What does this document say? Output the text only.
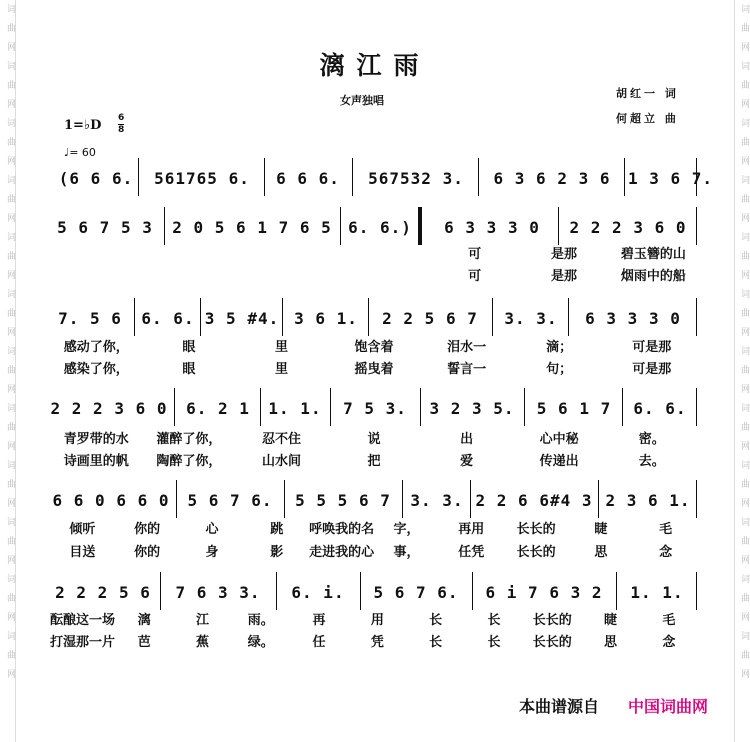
词
曲
网
词
曲
网
词
曲
网
词
曲
网
词
曲
网
词
曲
网
词
曲
网
词
曲
网
词
曲
网
词
曲
网
词
曲
网
词
曲
网
词
曲
网
词
曲
网
词
曲
网
词
曲
网
词
曲
网
词
曲
网
词
曲
网
词
曲
网
词
曲
网
词
曲
网
词
曲
网
词
曲
网
漓江雨
女声独唱
胡红一 词
何超立 曲
1=♭D 6
8
♩= 60
(6 6 6. 561765 6. 6 6 6. 567532 3. 6 3 6 2 3 6 1 3 6 7.
5 6 7 5 3 2 0 5 6 1 7 6 5 6. 6.) 6 3 3 3 0 2 2 2 3 6 0
可	是那	碧玉簪的山
可	是那	烟雨中的船
7. 5 6 6. 6. 3 5 #4. 3 6 1. 2 2 5 6 7 3. 3. 6 3 3 3 0
感动了你，	眼	里	饱含着	泪水一	滴；	可是那
感染了你，	眼	里	摇曳着	誓言一	句；	可是那
2 2 2 3 6 0 6. 2 1 1. 1. 7 5 3. 3 2 3 5. 5 6 1 7 6. 6.
青罗带的水	灌醉了你，	忍不住	说	出	心中秘	密。
诗画里的帆	陶醉了你，	山水间	把	爱	传递出	去。
6 6 0 6 6 0 5 6 7 6. 5 5 5 6 7 3. 3. 2 2 6 6#4 3 2 3 6 1.
倾听	你的	心	跳	呼唤我的名	字，	再用	长长的	睫	毛
目送	你的	身	影	走进我的心	事，	任凭	长长的	思	念
2 2 2 5 6 7 6 3 3. 6. i. 5 6 7 6. 6 i 7 6 3 2 1. 1.
酝酿这一场	漓	江	雨。	再	用	长	长	长长的	睫	毛
打湿那一片	芭	蕉	绿。	任	凭	长	长	长长的	思	念
本曲谱源自 中国词曲网
